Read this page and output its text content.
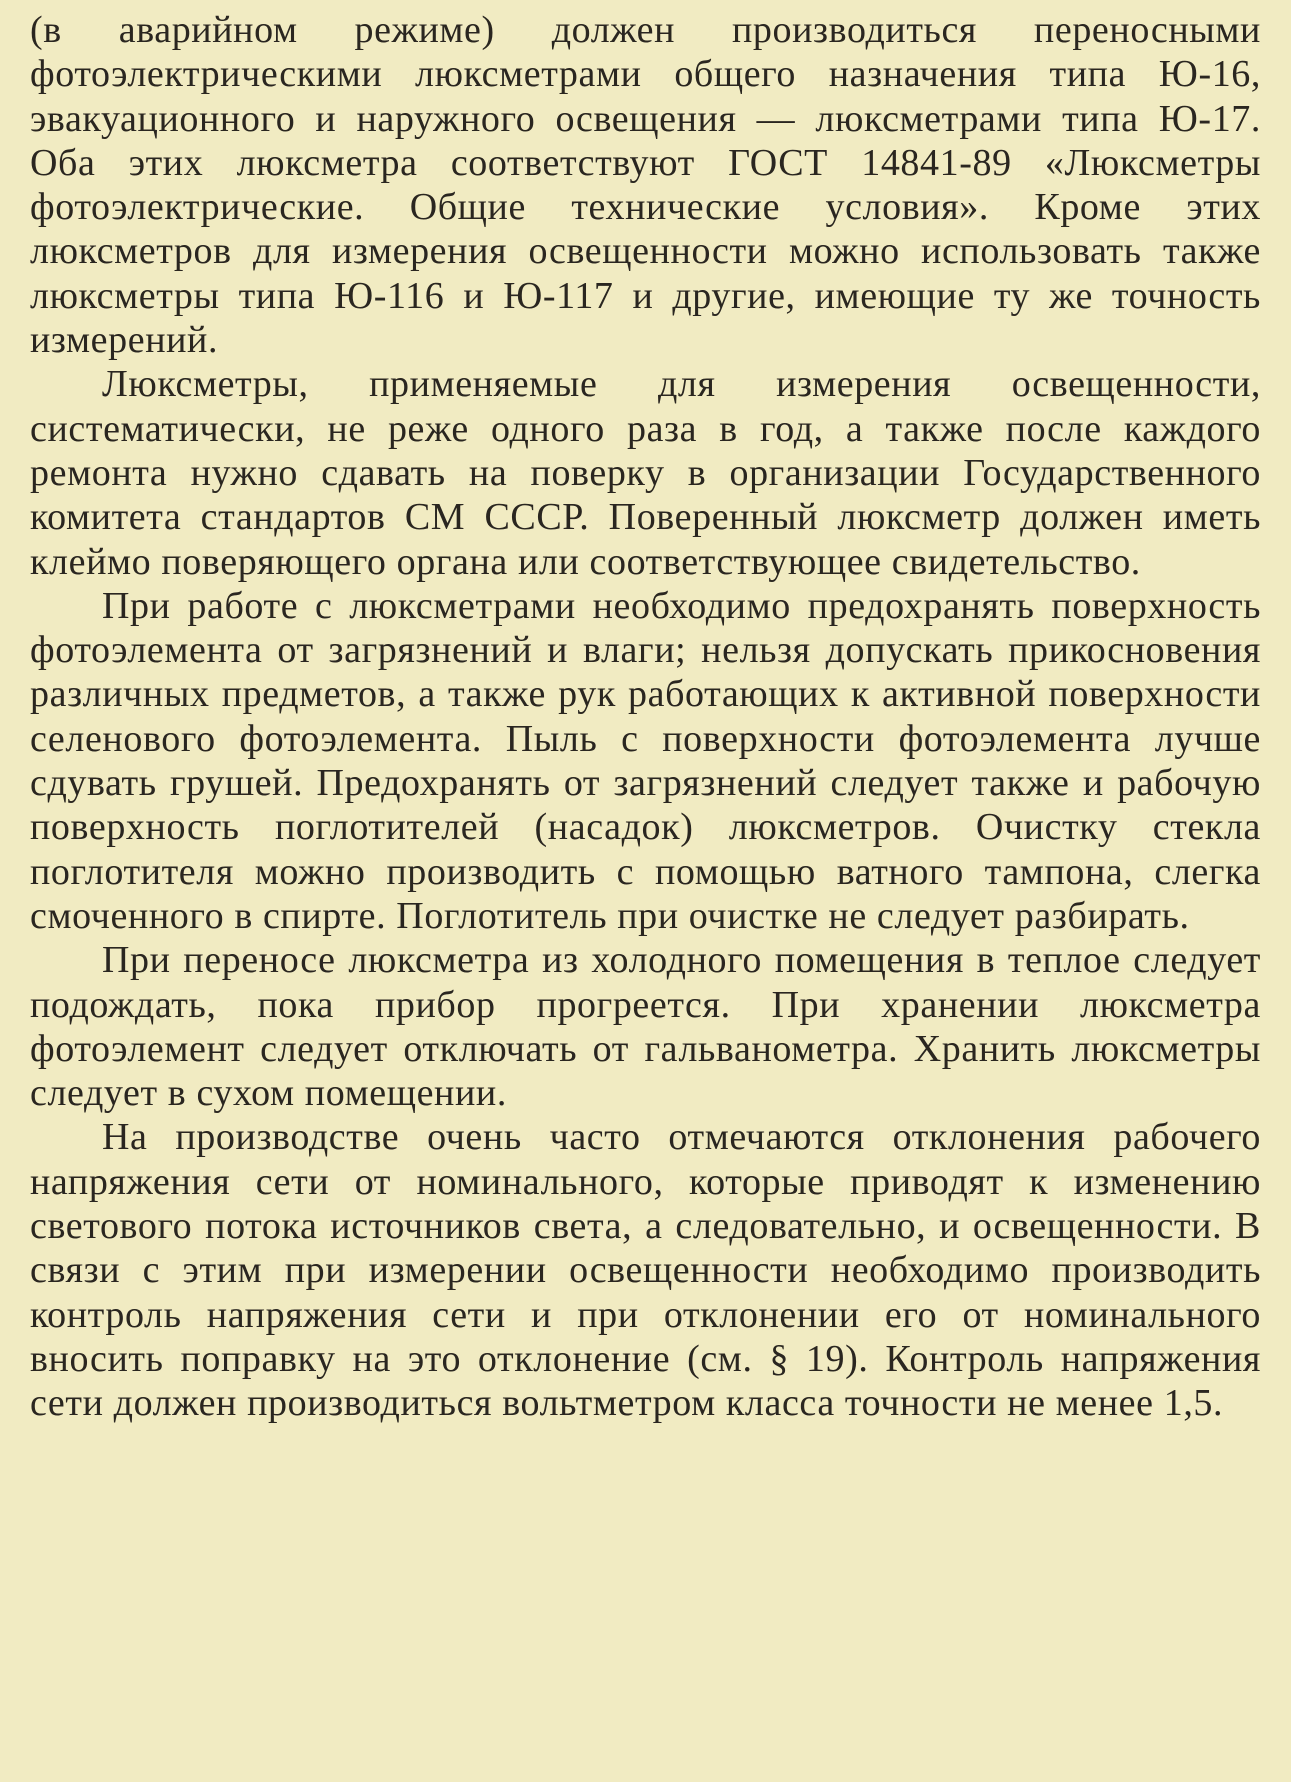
(в аварийном режиме) должен производиться переносными фотоэлектрическими люксметрами общего назначения типа Ю-16, эвакуационного и наружного освещения — люксметрами типа Ю-17. Оба этих люксметра соответствуют ГОСТ 14841-89 «Люксметры фотоэлектрические. Общие технические условия». Кроме этих люксметров для измерения освещенности можно использовать также люксметры типа Ю-116 и Ю-117 и другие, имеющие ту же точность измерений.

Люксметры, применяемые для измерения освещенности, систематически, не реже одного раза в год, а также после каждого ремонта нужно сдавать на поверку в организации Государственного комитета стандартов СМ СССР. Поверенный люксметр должен иметь клеймо поверяющего органа или соответствующее свидетельство.

При работе с люксметрами необходимо предохранять поверхность фотоэлемента от загрязнений и влаги; нельзя допускать прикосновения различных предметов, а также рук работающих к активной поверхности селенового фотоэлемента. Пыль с поверхности фотоэлемента лучше сдувать грушей. Предохранять от загрязнений следует также и рабочую поверхность поглотителей (насадок) люксметров. Очистку стекла поглотителя можно производить с помощью ватного тампона, слегка смоченного в спирте. Поглотитель при очистке не следует разбирать.

При переносе люксметра из холодного помещения в теплое следует подождать, пока прибор прогреется. При хранении люксметра фотоэлемент следует отключать от гальванометра. Хранить люксметры следует в сухом помещении.

На производстве очень часто отмечаются отклонения рабочего напряжения сети от номинального, которые приводят к изменению светового потока источников света, а следовательно, и освещенности. В связи с этим при измерении освещенности необходимо производить контроль напряжения сети и при отклонении его от номинального вносить поправку на это отклонение (см. § 19). Контроль напряжения сети должен производиться вольтметром класса точности не менее 1,5.
